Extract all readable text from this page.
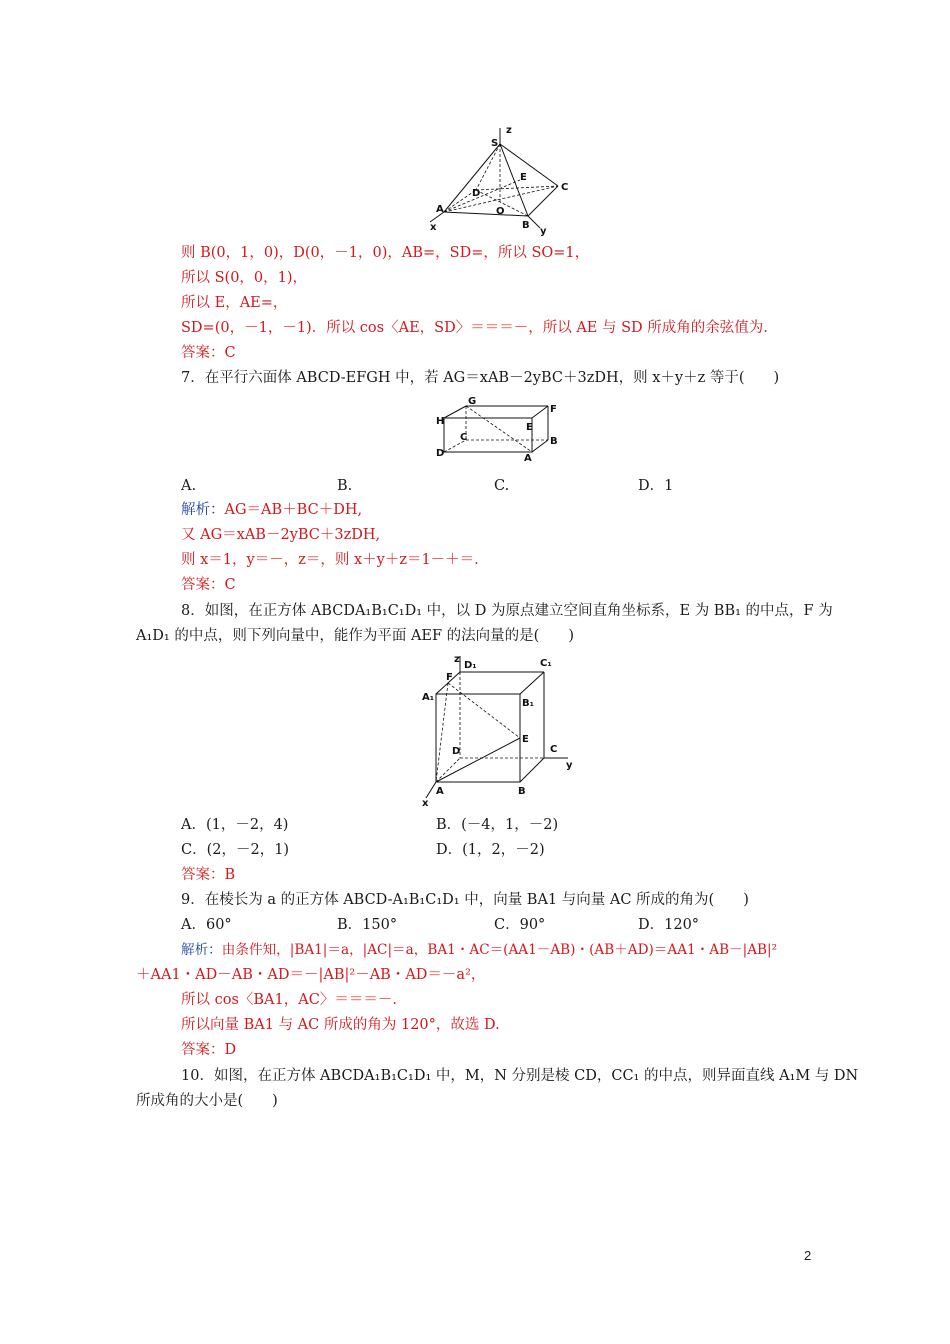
z
S
E
D
C
A	O
B
x	y
则 B(0，1，0)，D(0，－1，0)，AB=，SD=，所以 SO=1，
所以 S(0，0，1)，
所以 E，AE=，
SD=(0，－1，－1)．所以 cos〈AE，SD〉＝＝＝－，所以 AE 与 SD 所成角的余弦值为.
答案：C
7．在平行六面体 ABCD-EFGH 中，若 AG＝xAB－2yBC＋3zDH，则 x＋y＋z 等于(　　)
G
F
H
E
C	B
D	A
A.	B.	C.	D．1
解析：AG＝AB＋BC＋DH,
又 AG＝xAB－2yBC＋3zDH,
则 x＝1，y＝－，z＝，则 x＋y＋z＝1－＋＝.
答案：C
8．如图，在正方体 ABCDA₁B₁C₁D₁ 中，以 D 为原点建立空间直角坐标系，E 为 BB₁ 的中点，F 为
A₁D₁ 的中点，则下列向量中，能作为平面 AEF 的法向量的是(　　)
z
D₁	C₁
F
A₁
B₁
E
D	C
y
A	B
x
A．(1，－2，4)	B．(－4，1，－2)
C．(2，－2，1)	D．(1，2，－2)
答案：B
9．在棱长为 a 的正方体 ABCD-A₁B₁C₁D₁ 中，向量 BA1 与向量 AC 所成的角为(　　)
A．60°	B．150°	C．90°	D．120°
解析：由条件知，|BA1|＝a，|AC|＝a，BA1・AC＝(AA1－AB)・(AB＋AD)＝AA1・AB－|AB|²
＋AA1・AD－AB・AD＝－|AB|²－AB・AD＝－a²，
所以 cos〈BA1，AC〉＝＝＝－.
所以向量 BA1 与 AC 所成的角为 120°，故选 D.
答案：D
10．如图，在正方体 ABCDA₁B₁C₁D₁ 中，M，N 分别是棱 CD，CC₁ 的中点，则异面直线 A₁M 与 DN
所成角的大小是(　　)
2
